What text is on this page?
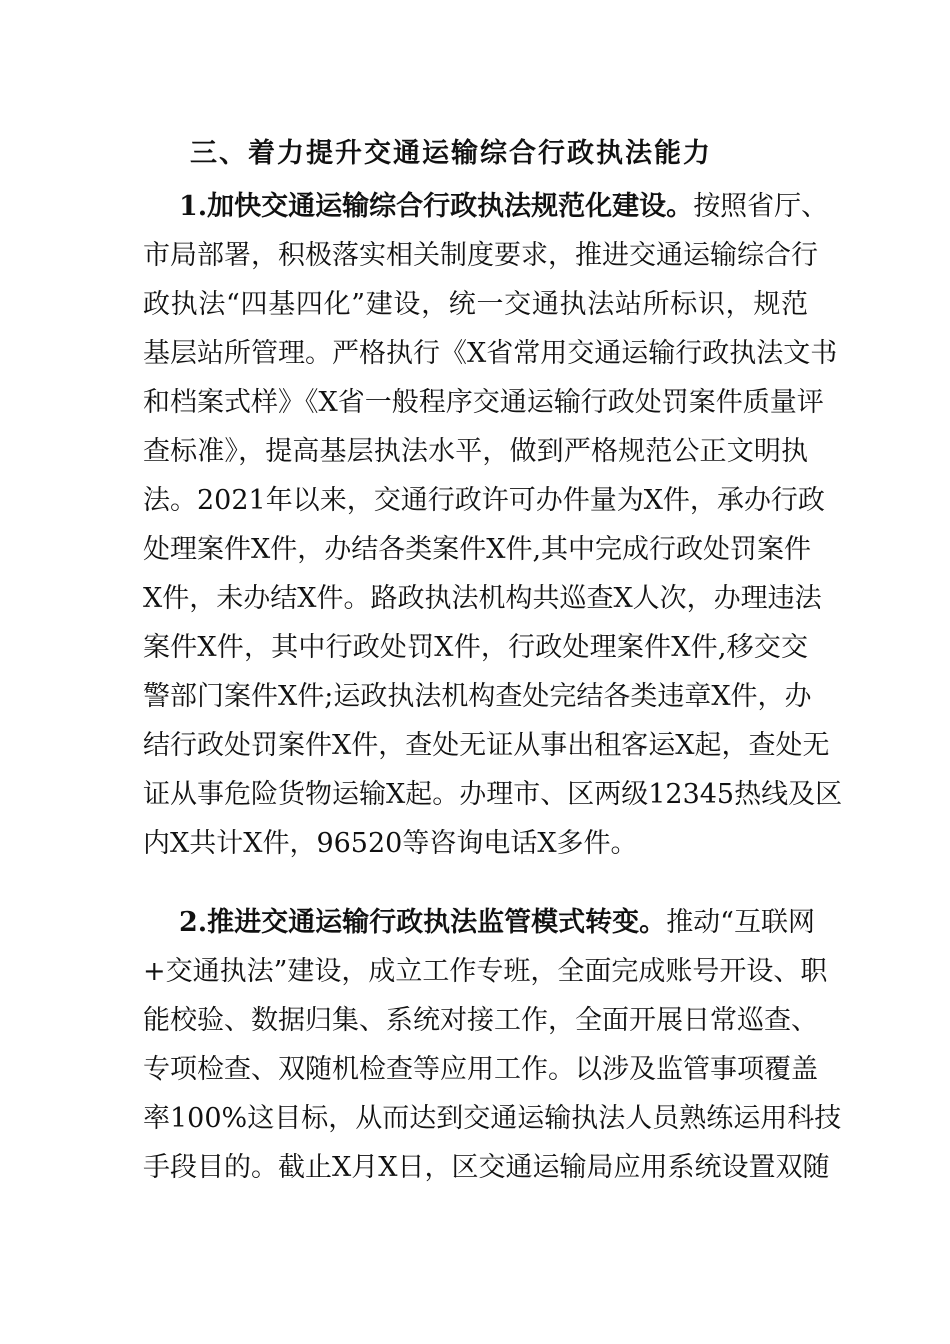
三、着力提升交通运输综合行政执法能力
1.加快交通运输综合行政执法规范化建设。按照省厅、
市局部署，积极落实相关制度要求，推进交通运输综合行
政执法“四基四化”建设，统一交通执法站所标识，规范
基层站所管理。严格执行《X省常用交通运输行政执法文书
和档案式样》《X省一般程序交通运输行政处罚案件质量评
查标准》，提高基层执法水平，做到严格规范公正文明执
法。2021年以来，交通行政许可办件量为X件，承办行政
处理案件X件，办结各类案件X件,其中完成行政处罚案件
X件，未办结X件。路政执法机构共巡查X人次，办理违法
案件X件，其中行政处罚X件，行政处理案件X件,移交交
警部门案件X件;运政执法机构查处完结各类违章X件，办
结行政处罚案件X件，查处无证从事出租客运X起，查处无
证从事危险货物运输X起。办理市、区两级12345热线及区
内X共计X件，96520等咨询电话X多件。
2.推进交通运输行政执法监管模式转变。推动“互联网
+交通执法”建设，成立工作专班，全面完成账号开设、职
能校验、数据归集、系统对接工作，全面开展日常巡查、
专项检查、双随机检查等应用工作。以涉及监管事项覆盖
率100%这目标，从而达到交通运输执法人员熟练运用科技
手段目的。截止X月X日，区交通运输局应用系统设置双随
